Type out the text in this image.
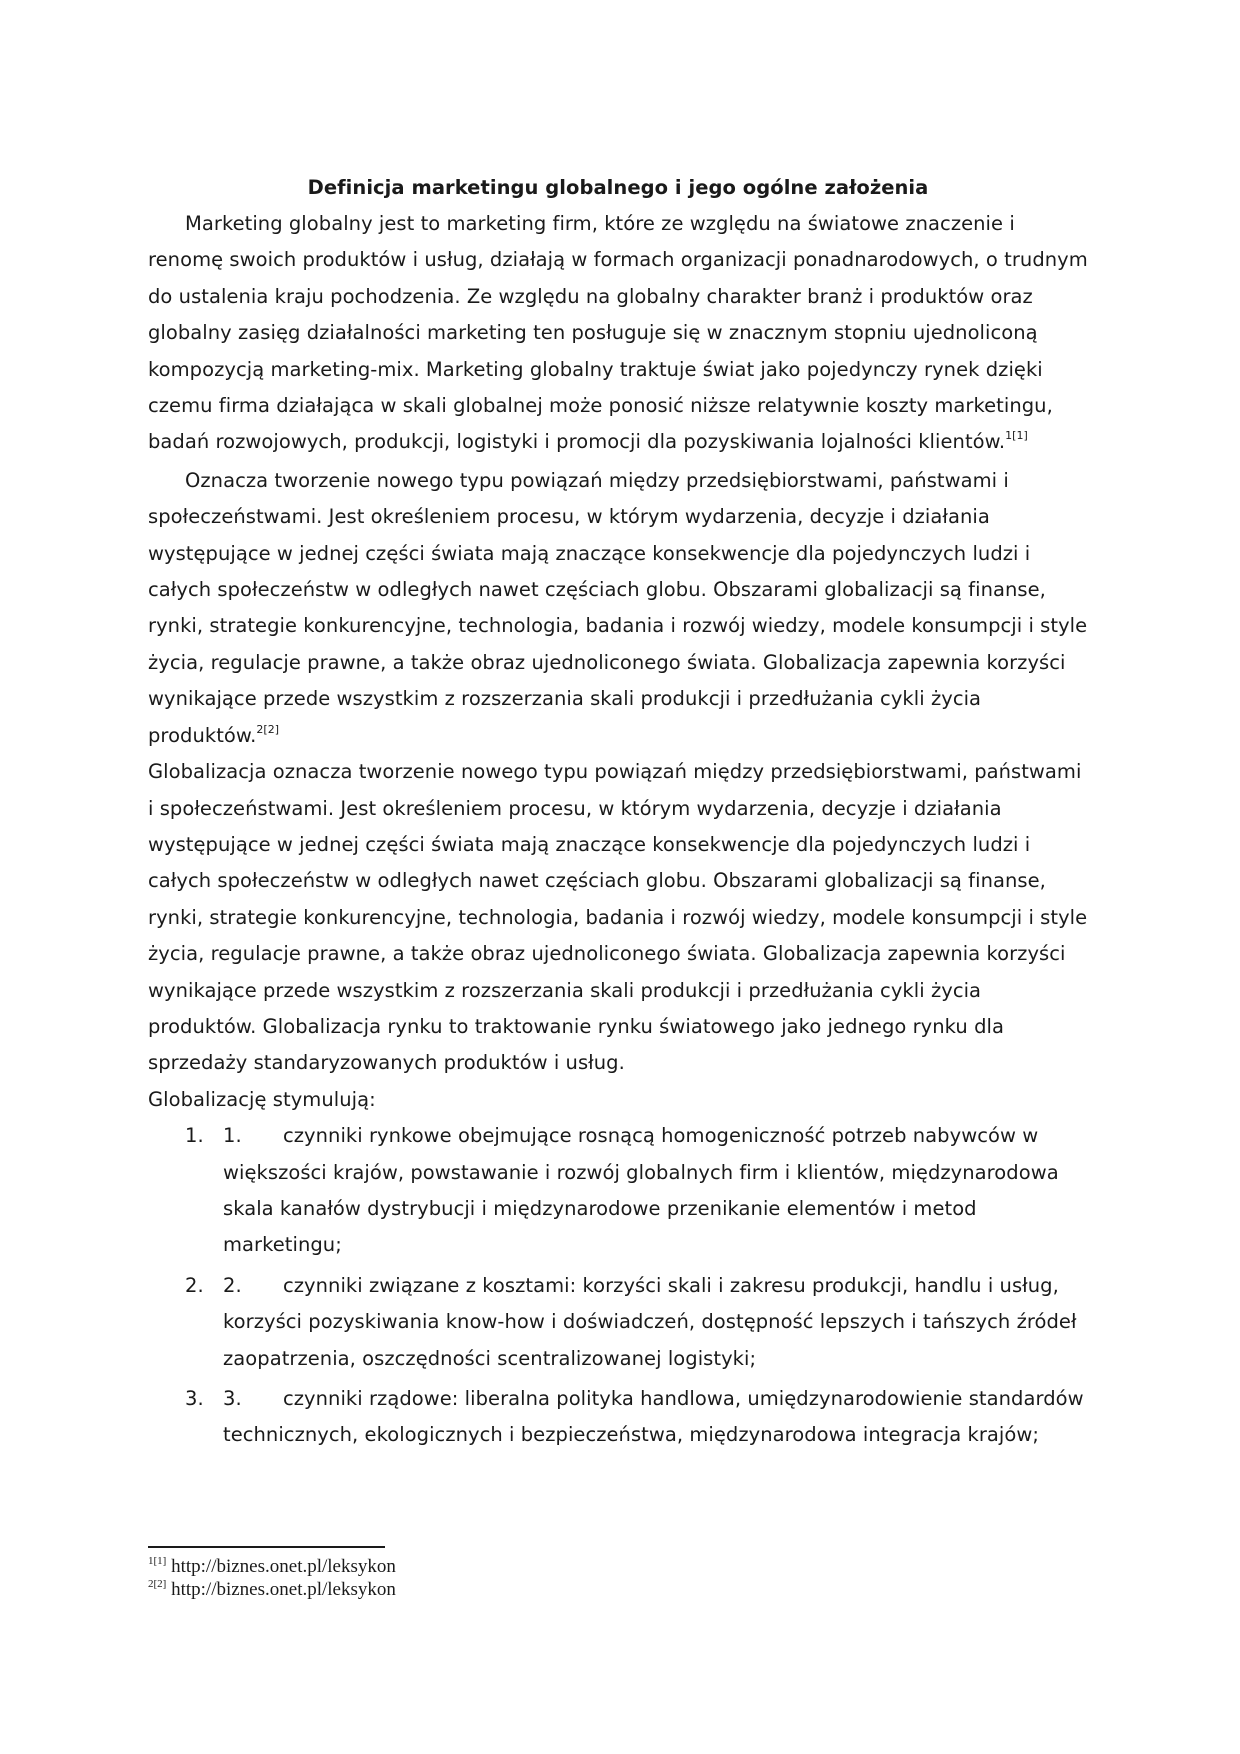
Definicja marketingu globalnego i jego ogólne założenia

Marketing globalny jest to marketing firm, które ze względu na światowe znaczenie i renomę swoich produktów i usług, działają w formach organizacji ponadnarodowych, o trudnym do ustalenia kraju pochodzenia. Ze względu na globalny charakter branż i produktów oraz globalny zasięg działalności marketing ten posługuje się w znacznym stopniu ujednoliconą kompozycją marketing-mix. Marketing globalny traktuje świat jako pojedynczy rynek dzięki czemu firma działająca w skali globalnej może ponosić niższe relatywnie koszty marketingu, badań rozwojowych, produkcji, logistyki i promocji dla pozyskiwania lojalności klientów.$^{1[1]}$

Oznacza tworzenie nowego typu powiązań między przedsiębiorstwami, państwami i społeczeństwami. Jest określeniem procesu, w którym wydarzenia, decyzje i działania występujące w jednej części świata mają znaczące konsekwencje dla pojedynczych ludzi i całych społeczeństw w odległych nawet częściach globu. Obszarami globalizacji są finanse, rynki, strategie konkurencyjne, technologia, badania i rozwój wiedzy, modele konsumpcji i style życia, regulacje prawne, a także obraz ujednoliconego świata. Globalizacja zapewnia korzyści wynikające przede wszystkim z rozszerzania skali produkcji i przedłużania cykli życia produktów.$^{2[2]}$

Globalizacja oznacza tworzenie nowego typu powiązań między przedsiębiorstwami, państwami i społeczeństwami. Jest określeniem procesu, w którym wydarzenia, decyzje i działania występujące w jednej części świata mają znaczące konsekwencje dla pojedynczych ludzi i całych społeczeństw w odległych nawet częściach globu. Obszarami globalizacji są finanse, rynki, strategie konkurencyjne, technologia, badania i rozwój wiedzy, modele konsumpcji i style życia, regulacje prawne, a także obraz ujednoliconego świata. Globalizacja zapewnia korzyści wynikające przede wszystkim z rozszerzania skali produkcji i przedłużania cykli życia produktów. Globalizacja rynku to traktowanie rynku światowego jako jednego rynku dla sprzedaży standaryzowanych produktów i usług.

Globalizację stymulują:

1. 1. czynniki rynkowe obejmujące rosnącą homogeniczność potrzeb nabywców w większości krajów, powstawanie i rozwój globalnych firm i klientów, międzynarodowa skala kanałów dystrybucji i międzynarodowe przenikanie elementów i metod marketingu;
2. 2. czynniki związane z kosztami: korzyści skali i zakresu produkcji, handlu i usług, korzyści pozyskiwania know-how i doświadczeń, dostępność lepszych i tańszych źródeł zaopatrzenia, oszczędności scentralizowanej logistyki;
3. 3. czynniki rządowe: liberalna polityka handlowa, umiędzynarodowienie standardów technicznych, ekologicznych i bezpieczeństwa, międzynarodowa integracja krajów;

$^{1[1]}$ http://biznes.onet.pl/leksykon

$^{2[2]}$ http://biznes.onet.pl/leksykon
